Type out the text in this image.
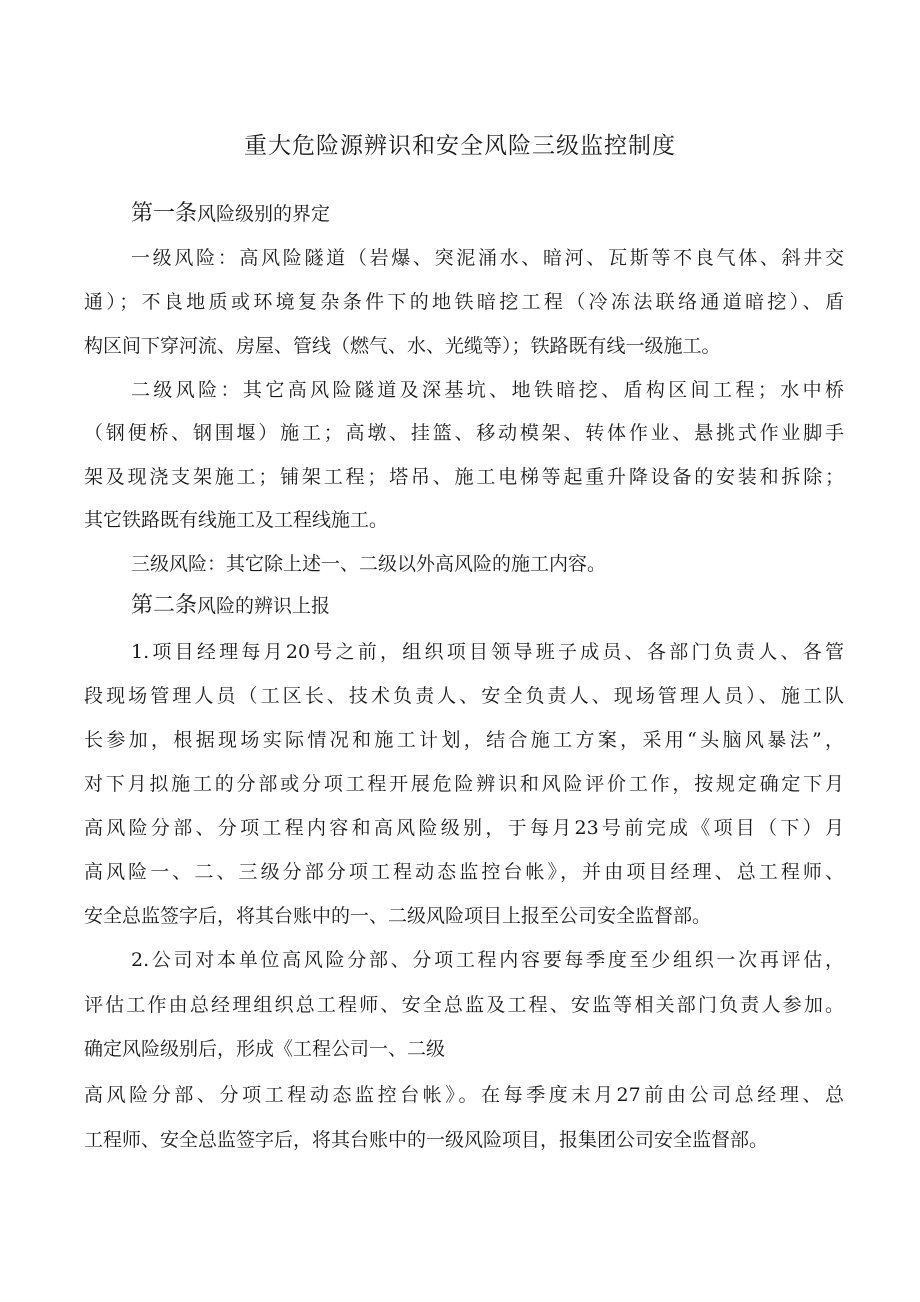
重大危险源辨识和安全风险三级监控制度
第一条风险级别的界定
一级风险：高风险隧道（岩爆、突泥涌水、暗河、瓦斯等不良气体、斜井交
通）；不良地质或环境复杂条件下的地铁暗挖工程（冷冻法联络通道暗挖）、盾
构区间下穿河流、房屋、管线（燃气、水、光缆等）；铁路既有线一级施工。
二级风险：其它高风险隧道及深基坑、地铁暗挖、盾构区间工程；水中桥
（钢便桥、钢围堰）施工；高墩、挂篮、移动模架、转体作业、悬挑式作业脚手
架及现浇支架施工；铺架工程；塔吊、施工电梯等起重升降设备的安装和拆除；
其它铁路既有线施工及工程线施工。
三级风险：其它除上述一、二级以外高风险的施工内容。
第二条风险的辨识上报
1.项目经理每月20号之前，组织项目领导班子成员、各部门负责人、各管
段现场管理人员（工区长、技术负责人、安全负责人、现场管理人员）、施工队
长参加，根据现场实际情况和施工计划，结合施工方案，采用“头脑风暴法”，
对下月拟施工的分部或分项工程开展危险辨识和风险评价工作，按规定确定下月
高风险分部、分项工程内容和高风险级别，于每月23号前完成《项目（下）月
高风险一、二、三级分部分项工程动态监控台帐》，并由项目经理、总工程师、
安全总监签字后，将其台账中的一、二级风险项目上报至公司安全监督部。
2.公司对本单位高风险分部、分项工程内容要每季度至少组织一次再评估，
评估工作由总经理组织总工程师、安全总监及工程、安监等相关部门负责人参加。
确定风险级别后，形成《工程公司一、二级
高风险分部、分项工程动态监控台帐》。在每季度末月27前由公司总经理、总
工程师、安全总监签字后，将其台账中的一级风险项目，报集团公司安全监督部。
